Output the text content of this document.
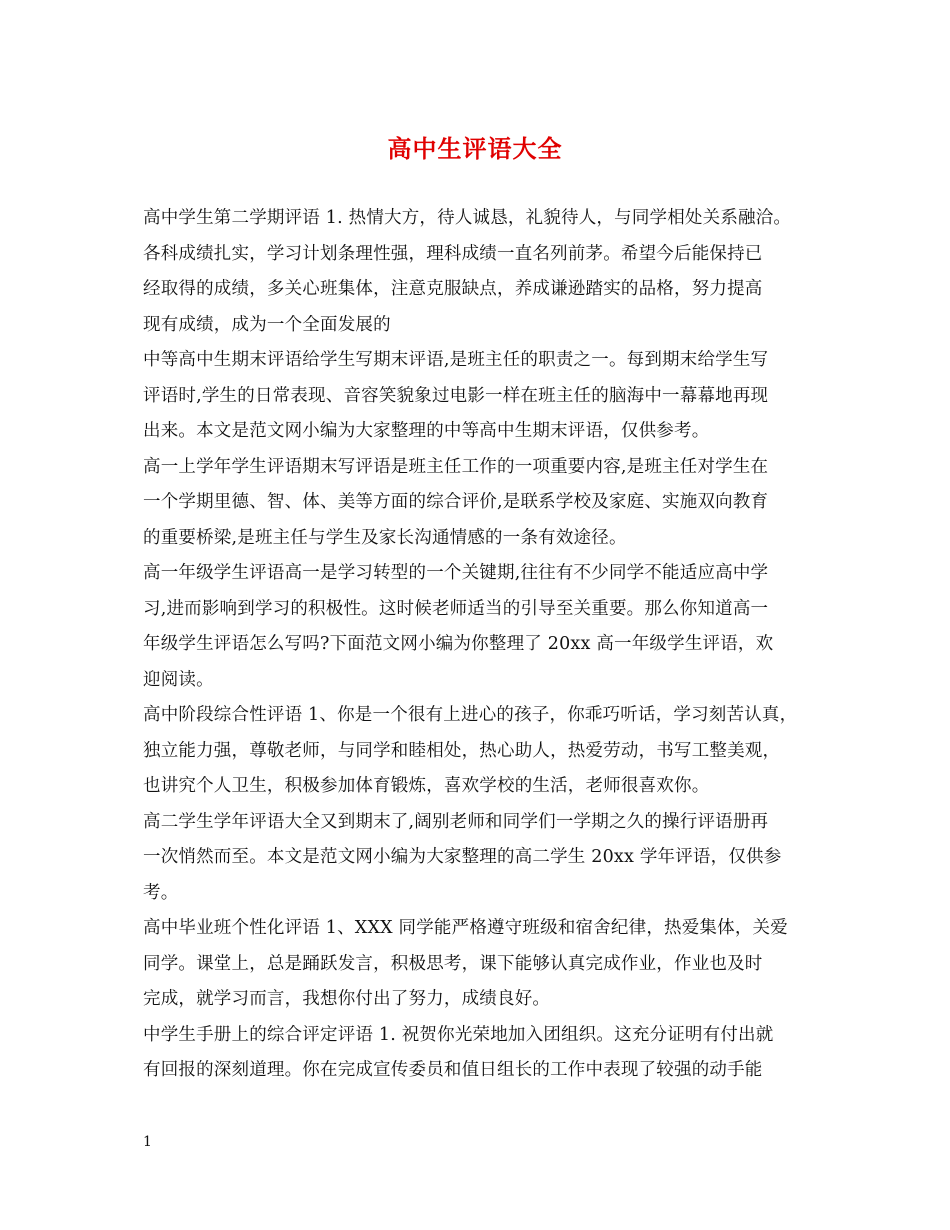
高中生评语大全
高中学生第二学期评语 1. 热情大方，待人诚恳，礼貌待人，与同学相处关系融洽。
各科成绩扎实，学习计划条理性强，理科成绩一直名列前茅。希望今后能保持已
经取得的成绩，多关心班集体，注意克服缺点，养成谦逊踏实的品格，努力提高
现有成绩，成为一个全面发展的
中等高中生期末评语给学生写期末评语,是班主任的职责之一。每到期末给学生写
评语时,学生的日常表现、音容笑貌象过电影一样在班主任的脑海中一幕幕地再现
出来。本文是范文网小编为大家整理的中等高中生期末评语，仅供参考。
高一上学年学生评语期末写评语是班主任工作的一项重要内容,是班主任对学生在
一个学期里德、智、体、美等方面的综合评价,是联系学校及家庭、实施双向教育
的重要桥梁,是班主任与学生及家长沟通情感的一条有效途径。
高一年级学生评语高一是学习转型的一个关键期,往往有不少同学不能适应高中学
习,进而影响到学习的积极性。这时候老师适当的引导至关重要。那么你知道高一
年级学生评语怎么写吗?下面范文网小编为你整理了 20xx 高一年级学生评语，欢
迎阅读。
高中阶段综合性评语 1、你是一个很有上进心的孩子，你乖巧听话，学习刻苦认真，
独立能力强，尊敬老师，与同学和睦相处，热心助人，热爱劳动，书写工整美观，
也讲究个人卫生，积极参加体育锻炼，喜欢学校的生活，老师很喜欢你。
高二学生学年评语大全又到期末了,阔别老师和同学们一学期之久的操行评语册再
一次悄然而至。本文是范文网小编为大家整理的高二学生 20xx 学年评语，仅供参
考。
高中毕业班个性化评语 1、XXX 同学能严格遵守班级和宿舍纪律，热爱集体，关爱
同学。课堂上，总是踊跃发言，积极思考，课下能够认真完成作业，作业也及时
完成，就学习而言，我想你付出了努力，成绩良好。
中学生手册上的综合评定评语 1. 祝贺你光荣地加入团组织。这充分证明有付出就
有回报的深刻道理。你在完成宣传委员和值日组长的工作中表现了较强的动手能
1
